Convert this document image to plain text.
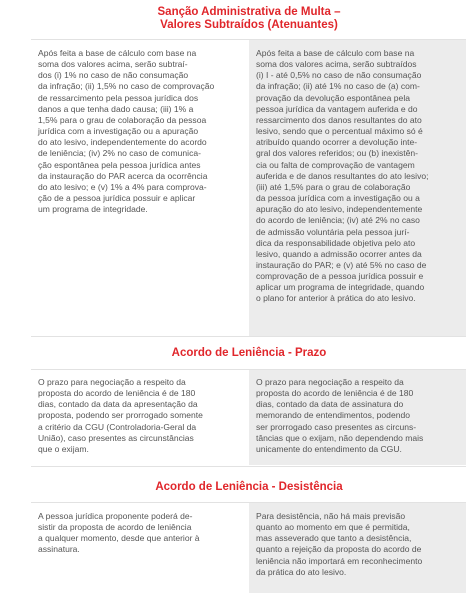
Sanção Administrativa de Multa –
Valores Subtraídos (Atenuantes)

Após feita a base de cálculo com base na
soma dos valores acima, serão subtraí-
dos (i) 1% no caso de não consumação
da infração; (ii) 1,5% no caso de comprovação
de ressarcimento pela pessoa jurídica dos
danos a que tenha dado causa; (iii) 1% a
1,5% para o grau de colaboração da pessoa
jurídica com a investigação ou a apuração
do ato lesivo, independentemente do acordo
de leniência; (iv) 2% no caso de comunica-
ção espontânea pela pessoa jurídica antes
da instauração do PAR acerca da ocorrência
do ato lesivo; e (v) 1% a 4% para comprova-
ção de a pessoa jurídica possuir e aplicar
um programa de integridade.

Após feita a base de cálculo com base na
soma dos valores acima, serão subtraídos
(i) I - até 0,5% no caso de não consumação
da infração; (ii) até 1% no caso de (a) com-
provação da devolução espontânea pela
pessoa jurídica da vantagem auferida e do
ressarcimento dos danos resultantes do ato
lesivo, sendo que o percentual máximo só é
atribuído quando ocorrer a devolução inte-
gral dos valores referidos; ou (b) inexistên-
cia ou falta de comprovação de vantagem
auferida e de danos resultantes do ato lesivo;
(iii) até 1,5% para o grau de colaboração
da pessoa jurídica com a investigação ou a
apuração do ato lesivo, independentemente
do acordo de leniência; (iv) até 2% no caso
de admissão voluntária pela pessoa jurí-
dica da responsabilidade objetiva pelo ato
lesivo, quando a admissão ocorrer antes da
instauração do PAR; e (v) até 5% no caso de
comprovação de a pessoa jurídica possuir e
aplicar um programa de integridade, quando
o plano for anterior à prática do ato lesivo.

Acordo de Leniência - Prazo

O prazo para negociação a respeito da
proposta do acordo de leniência é de 180
dias, contado da data da apresentação da
proposta, podendo ser prorrogado somente
a critério da CGU (Controladoria-Geral da
União), caso presentes as circunstâncias
que o exijam.

O prazo para negociação a respeito da
proposta do acordo de leniência é de 180
dias, contado da data de assinatura do
memorando de entendimentos, podendo
ser prorrogado caso presentes as circuns-
tâncias que o exijam, não dependendo mais
unicamente do entendimento da CGU.

Acordo de Leniência - Desistência

A pessoa jurídica proponente poderá de-
sistir da proposta de acordo de leniência
a qualquer momento, desde que anterior à
assinatura.

Para desistência, não há mais previsão
quanto ao momento em que é permitida,
mas asseverado que tanto a desistência,
quanto a rejeição da proposta do acordo de
leniência não importará em reconhecimento
da prática do ato lesivo.
